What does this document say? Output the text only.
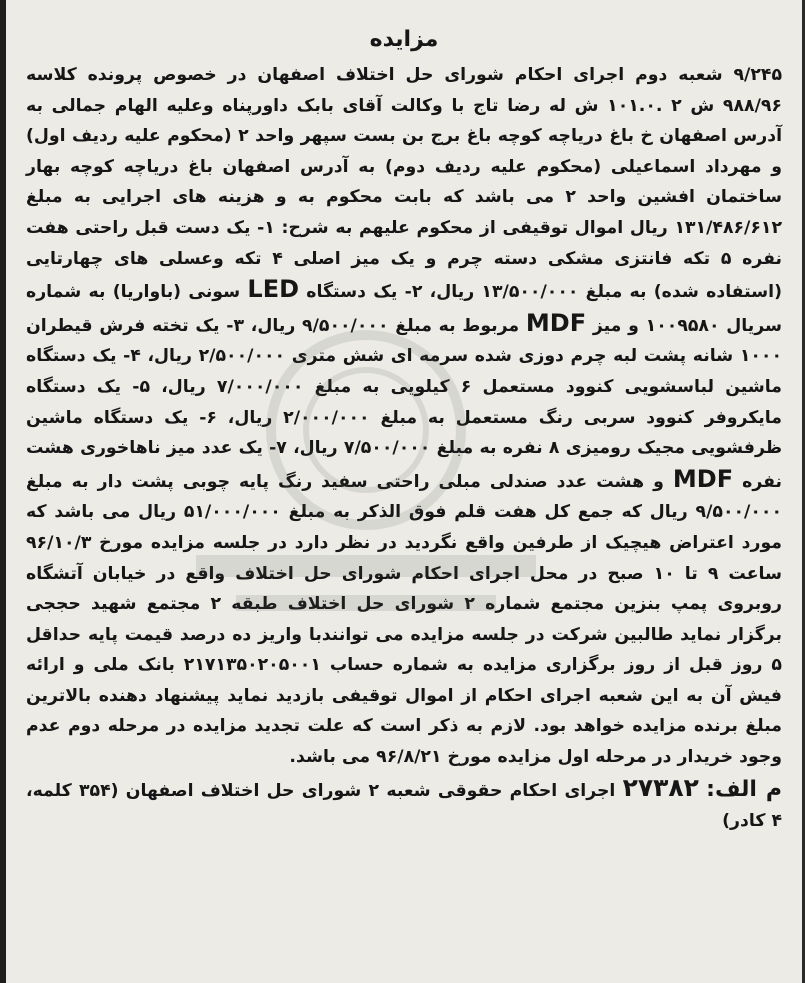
مزایده

۹/۲۴۵ شعبه دوم اجرای احکام شورای حل اختلاف اصفهان در خصوص پرونده کلاسه ۹۸۸/۹۶ ش ۲ .۱۰۱.۰ ش له رضا تاج با وکالت آقای بابک داورپناه وعلیه الهام جمالی به آدرس اصفهان خ باغ دریاچه کوچه باغ برج بن بست سپهر واحد ۲ (محکوم علیه ردیف اول) و مهرداد اسماعیلی (محکوم علیه ردیف دوم) به آدرس اصفهان باغ دریاچه کوچه بهار ساختمان افشین واحد ۲ می باشد که بابت محکوم به و هزینه های اجرایی به مبلغ ۱۳۱/۴۸۶/۶۱۲ ریال اموال توقیفی از محکوم علیهم به شرح: ۱- یک دست قبل راحتی هفت نفره ۵ تکه فانتزی مشکی دسته چرم و یک میز اصلی ۴ تکه وعسلی های چهارتایی (استفاده شده) به مبلغ ۱۳/۵۰۰/۰۰۰ ریال، ۲- یک دستگاه LED سونی (باواریا) به شماره سریال ۱۰۰۹۵۸۰ و میز MDF مربوط به مبلغ ۹/۵۰۰/۰۰۰ ریال، ۳- یک تخته فرش قیطران ۱۰۰۰ شانه پشت لبه چرم دوزی شده سرمه ای شش متری ۲/۵۰۰/۰۰۰ ریال، ۴- یک دستگاه ماشین لباسشویی کنوود مستعمل ۶ کیلویی به مبلغ ۷/۰۰۰/۰۰۰ ریال، ۵- یک دستگاه مایکروفر کنوود سربی رنگ مستعمل به مبلغ ۲/۰۰۰/۰۰۰ ریال، ۶- یک دستگاه ماشین ظرفشویی مجیک رومیزی ۸ نفره به مبلغ ۷/۵۰۰/۰۰۰ ریال، ۷- یک عدد میز ناهاخوری هشت نفره MDF و هشت عدد صندلی مبلی راحتی سفید رنگ پایه چوبی پشت دار به مبلغ ۹/۵۰۰/۰۰۰ ریال که جمع کل هفت قلم فوق الذکر به مبلغ ۵۱/۰۰۰/۰۰۰ ریال می باشد که مورد اعتراض هیچیک از طرفین واقع نگردید در نظر دارد در جلسه مزایده مورخ ۹۶/۱۰/۳ ساعت ۹ تا ۱۰ صبح در محل اجرای احکام شورای حل اختلاف واقع در خیابان آتشگاه روبروی پمپ بنزین مجتمع شماره ۲ شورای حل اختلاف طبقه ۲ مجتمع شهید حججی برگزار نماید طالبین شرکت در جلسه مزایده می توانندبا واریز ده درصد قیمت پایه حداقل ۵ روز قبل از روز برگزاری مزایده به شماره حساب ۲۱۷۱۳۵۰۲۰۵۰۰۱ بانک ملی و ارائه فیش آن به این شعبه اجرای احکام از اموال توقیفی بازدید نماید پیشنهاد دهنده بالاترین مبلغ برنده مزایده خواهد بود. لازم به ذکر است که علت تجدید مزایده در مرحله دوم عدم وجود خریدار در مرحله اول مزایده مورخ ۹۶/۸/۲۱ می باشد.

م الف: ۲۷۳۸۲ اجرای احکام حقوقی شعبه ۲ شورای حل اختلاف اصفهان (۳۵۴ کلمه، ۴ کادر)
